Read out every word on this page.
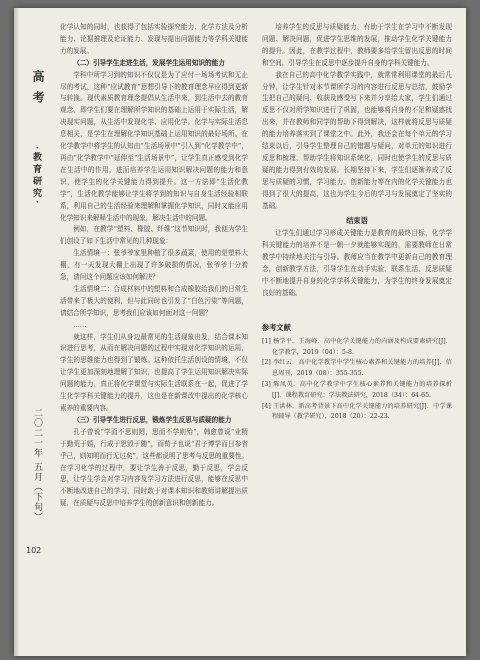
高考
·教育研究·
二〇二一年 五月（下旬）
102

化学认知的同时，也获得了包括实验探究能力、化学方法及分析能力、论据推理及论证能力、发现与提出问题能力等学科关键能力的发展。

（二）引导学生走进生活，发展学生运用知识的能力

学科中所学习到的知识不仅仅是为了应付一场场考试和无止尽的考试，这种“应试教育”思想引导下的教育理念早应得到更新与转换。现代素质教育理念提倡从生活中来，到生活中去的教育观念，即学生们要在理解所学知识的基础上运用于实际生活，解决现实问题，从生活中发现化学、应用化学。化学与实际生活息息相关，是学生在理解化学知识基础上运用知识的最好场所。在化学教学中将学生的认知由“生活场景中”引入到“化学教学中”，再由“化学教学中”延伸至“生活场景中”，让学生真正感受到化学在生活中的作用，进而培养学生运用知识解决问题的能力和意识，使学生的化学关键能力得到提升。这一方法即“生活化教学”，生活化教学能够让学生将学到的知识与自身生活经验相联系，利用自己的生活经验来理解和掌握化学知识，同时又能应用化学知识来解释生活中的现象，解决生活中的问题。

例如，在教学“塑料、橡胶、纤维”这节知识时，我便为学生们创设了如下生活中常见的几种现象：

生活情境一：张爷爷家里种植了很多蔬菜，使用的是塑料大棚，有一天发现大棚上出现了许多破损的情况，张爷爷十分着急，请问这个问题应该如何解决？

生活情境二：合成材料中的塑料和合成橡胶给我们的日常生活带来了极大的便利，但与此同时也引发了“白色污染”等问题，请结合所学知识，思考我们应该如何面对这一问题？

……

就这样，学生们从身边最常见的生活现象出发，结合课本知识进行思考，从而在解决问题的过程中实现对化学知识的运用，学生的思维能力也得到了锻炼。这种依托生活创设的情境，不仅让学生更加深刻地理解了知识，也提高了学生运用知识解决实际问题的能力，真正将化学课堂与实际生活联系在一起，促进了学生化学学科关键能力的提升，这也是在新课改中提出的化学核心素养的重要内容。

（三）引导学生进行反思，锻炼学生反思与质疑的能力

孔子曾说“学而不思则罔，思而不学则殆”，韩愈曾说“业精于勤荒于嬉，行成于思毁于随”，而荀子也说“君子博学而日参省乎己，则知明而行无过矣”，这些都说明了思考与反思的重要性。在学习化学的过程中，要让学生善于反思，勤于反思，学会反思，让学生学会对学习内容及学习方法进行反思，能够在反思中不断地改进自己的学习，同时敢于对课本知识和教师讲解提出质疑，在质疑与反思中培养学生的创新意识和创新能力。

培养学生的反思与质疑能力，有助于学生在学习中不断发现问题、解决问题，促进学生思维的发展，推动学生化学关键能力的提升。因此，在教学过程中，教师要多给学生留出反思的时间和空间，引导学生在反思中逐步提升自身的学科关键能力。

我在自己的高中化学教学实践中，就常常利用课堂的最后几分钟，让学生针对本节课所学习的内容进行反思与总结，鼓励学生把自己的疑问、收获及感受写下来并分享给大家，学生们通过反思不仅对所学知识进行了巩固，也能够将自身的不足和疑惑找出来，并在教师和同学的帮助下得到解决，这样就将反思与质疑的能力培养落实到了课堂之中。此外，我还会在每个单元的学习结束以后，引导学生整理自己的错题与疑问，对单元的知识进行反思和梳理，帮助学生将知识系统化，同时也使学生的反思与质疑的能力得到有效的发展。长期坚持下来，学生们逐渐养成了反思与质疑的习惯，学习能力、创新能力等在内的化学关键能力也得到了很大的提高，这也为学生今后的学习与发展奠定了坚实的基础。

结束语

让学生们通过学习形成关键能力是教育的最终目标，化学学科关键能力的培养不是一朝一夕就能够实现的，需要教师在日常教学中持续地关注与引导。教师应当在教学中更新自己的教育理念，创新教学方法，引导学生在动手实验、联系生活、反思质疑中不断地提升自身的化学学科关键能力，为学生的终身发展奠定良好的基础。

参考文献
[1] 杨学平，王海峰．高中化学关键能力的内涵及构成要素研究[J]．化学教学，2019（04）：5-8.
[2] 李红云．高中化学教学中学生核心素养和关键能力的培养[J]．信息周刊，2019（08）：355-355.
[3] 陈凤英．高中化学教学中学生核心素养和关键能力的培养探析[J]．课程教育研究：学法教法研究，2018（34）：64-65.
[4] 王洪林．新高考背景下高中化学关键能力的培养研究[J]．中学课程辅导（教学研究），2018（20）：22-23.
